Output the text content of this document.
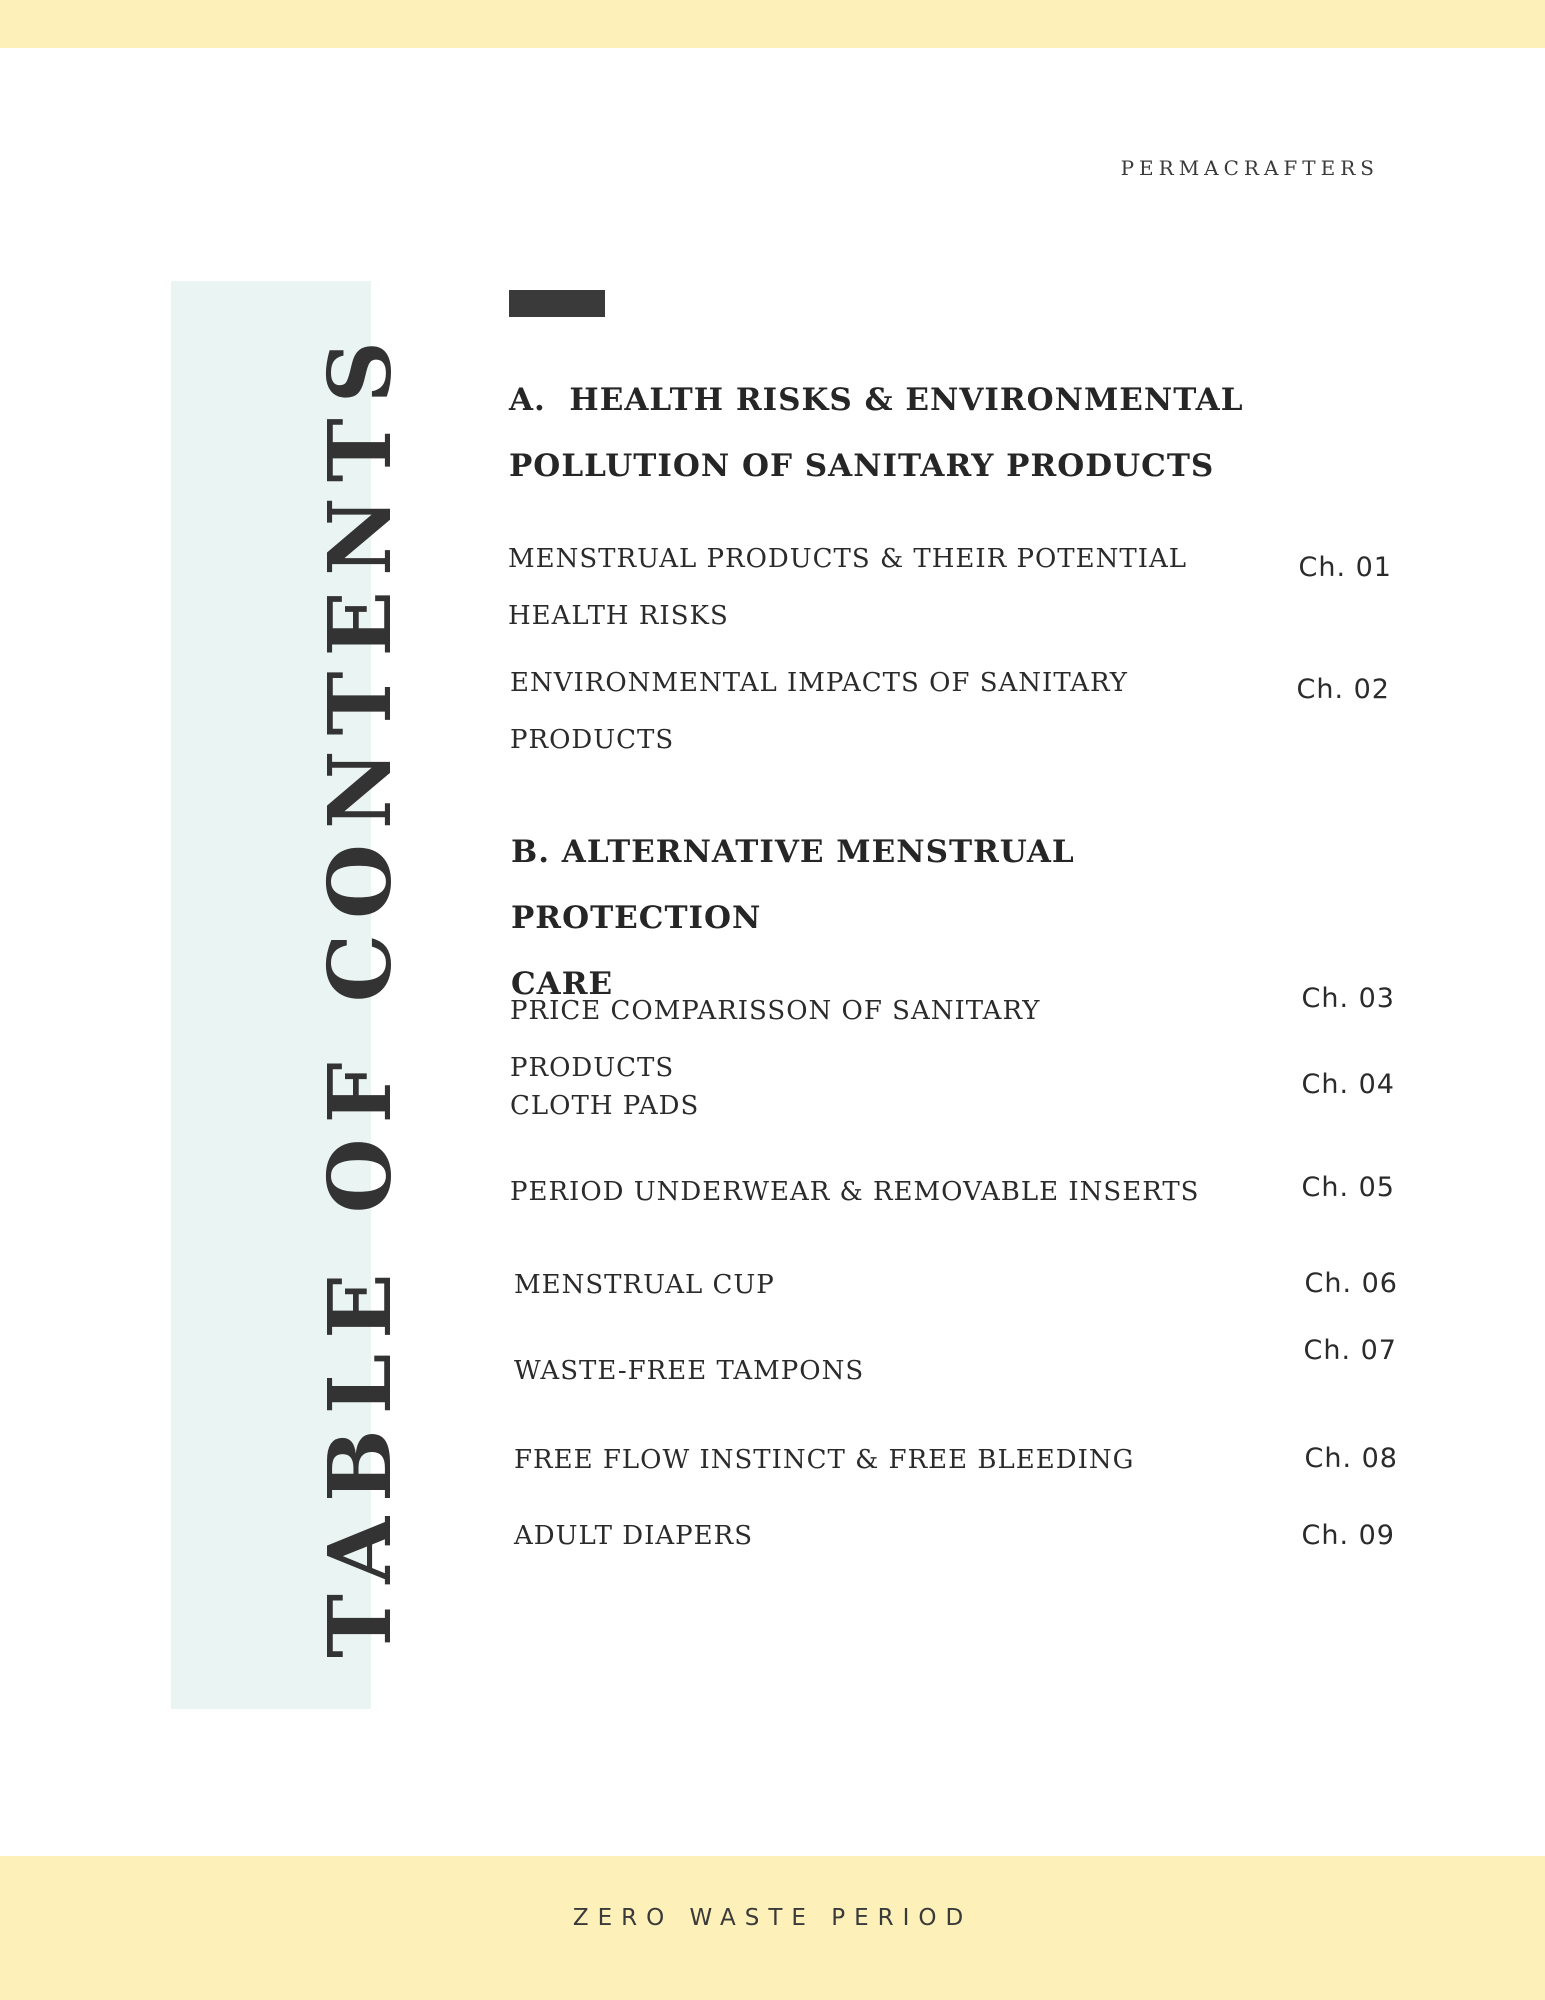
PERMACRAFTERS
TABLE OF CONTENTS	A.  HEALTH RISKS & ENVIRONMENTAL
POLLUTION OF SANITARY PRODUCTS
MENSTRUAL PRODUCTS & THEIR POTENTIAL
HEALTH RISKS
Ch. 01
ENVIRONMENTAL IMPACTS OF SANITARY
PRODUCTS
Ch. 02
B. ALTERNATIVE MENSTRUAL PROTECTION
CARE
PRICE COMPARISSON OF SANITARY PRODUCTS
Ch. 03
CLOTH PADS
Ch. 04
PERIOD UNDERWEAR & REMOVABLE INSERTS	Ch. 05
MENSTRUAL CUP	Ch. 06
WASTE-FREE TAMPONS
Ch. 07
FREE FLOW INSTINCT & FREE BLEEDING	Ch. 08
ADULT DIAPERS	Ch. 09
ZERO WASTE PERIOD
